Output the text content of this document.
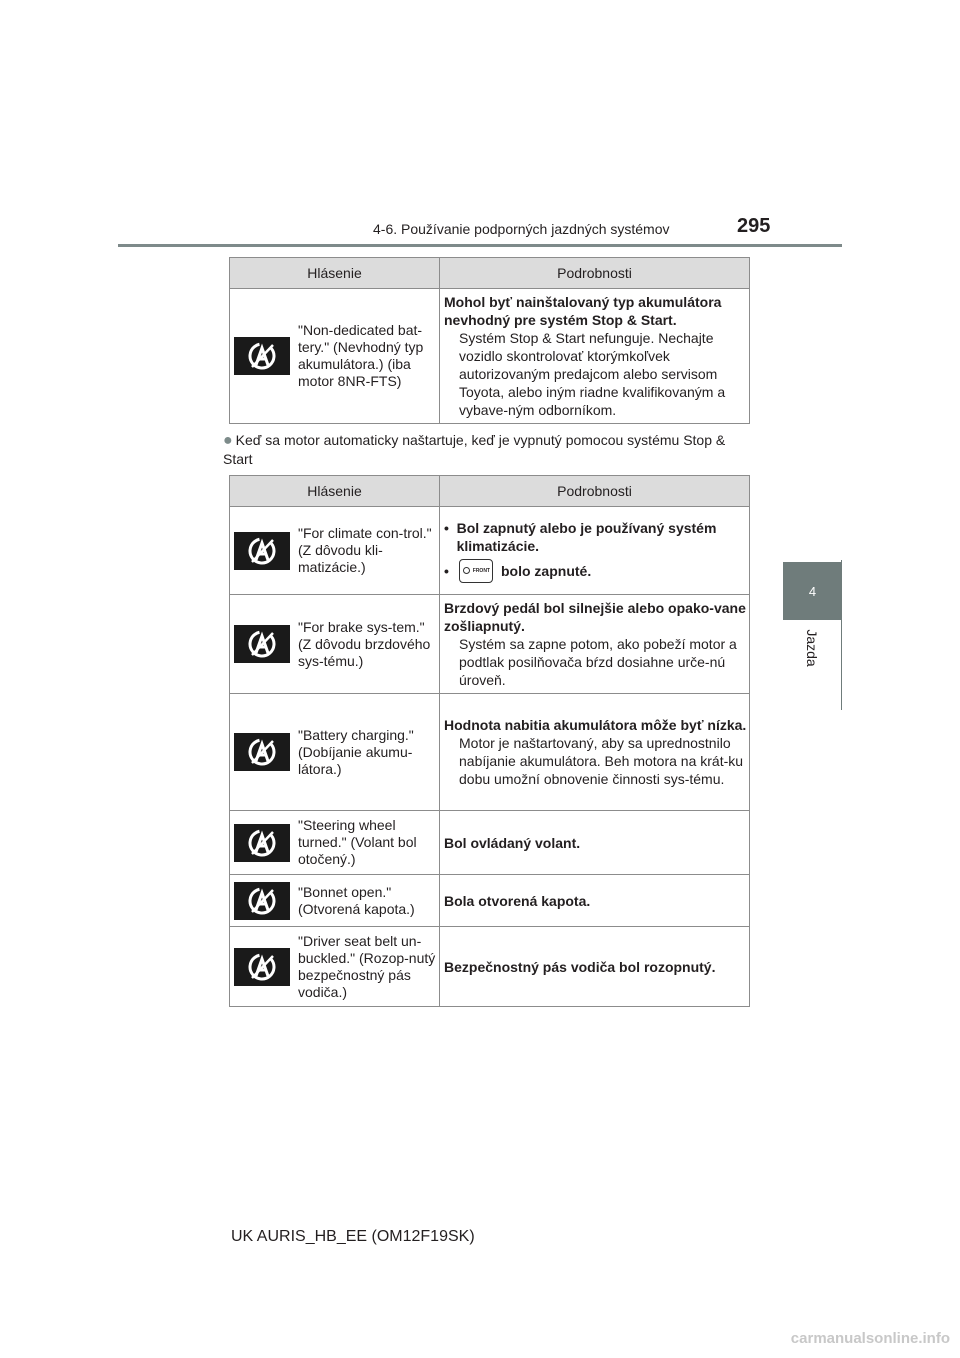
4-6. Používanie podporných jazdných systémov	295
4
Jazda
Hlásenie		Podrobnosti

	"Non-dedicated bat-tery." (Nevhodný typ akumulátora.) (iba motor 8NR-FTS)	Mohol byť nainštalovaný typ akumulátora nevhodný pre systém Stop & Start.
Systém Stop & Start nefunguje. Nechajte vozidlo skontrolovať ktorýmkoľvek autorizovaným predajcom alebo servisom Toyota, alebo iným riadne kvalifikovaným a vybave-ným odborníkom.
● Keď sa motor automaticky naštartuje, keď je vypnutý pomocou systému Stop & Start
Hlásenie		Podrobnosti

	"For climate con-trol." (Z dôvodu kli-matizácie.)	• Bol zapnutý alebo je používaný systém klimatizácie.
• FRONT bolo zapnuté.

	"For brake sys-tem." (Z dôvodu brzdového sys-tému.)	Brzdový pedál bol silnejšie alebo opako-vane zošliapnutý.
Systém sa zapne potom, ako pobeží motor a podtlak posilňovača bŕzd dosiahne urče-nú úroveň.

	"Battery charging." (Dobíjanie akumu-látora.)	Hodnota nabitia akumulátora môže byť nízka.
Motor je naštartovaný, aby sa uprednostnilo nabíjanie akumulátora. Beh motora na krát-ku dobu umožní obnovenie činnosti sys-tému.

	"Steering wheel turned." (Volant bol otočený.)	Bol ovládaný volant.

	"Bonnet open." (Otvorená kapota.)	Bola otvorená kapota.

	"Driver seat belt un-buckled." (Rozop-nutý bezpečnostný pás vodiča.)	Bezpečnostný pás vodiča bol rozopnutý.
UK AURIS_HB_EE (OM12F19SK)
carmanualsonline.info
